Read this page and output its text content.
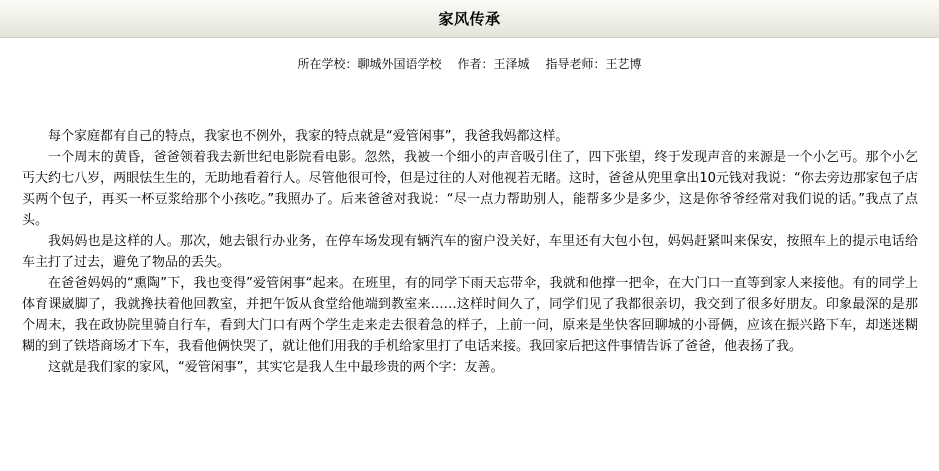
家风传承
所在学校：聊城外国语学校 作者：王泽城 指导老师：王艺博

每个家庭都有自己的特点，我家也不例外，我家的特点就是“爱管闲事”，我爸我妈都这样。

一个周末的黄昏，爸爸领着我去新世纪电影院看电影。忽然，我被一个细小的声音吸引住了，四下张望，终于发现声音的来源是一个小乞丐。那个小乞丐大约七八岁，两眼怯生生的，无助地看着行人。尽管他很可怜，但是过往的人对他视若无睹。这时，爸爸从兜里拿出10元钱对我说：“你去旁边那家包子店买两个包子，再买一杯豆浆给那个小孩吃。”我照办了。后来爸爸对我说：“尽一点力帮助别人，能帮多少是多少，这是你爷爷经常对我们说的话。”我点了点头。

我妈妈也是这样的人。那次，她去银行办业务，在停车场发现有辆汽车的窗户没关好，车里还有大包小包，妈妈赶紧叫来保安，按照车上的提示电话给车主打了过去，避免了物品的丢失。

在爸爸妈妈的“熏陶”下，我也变得”爱管闲事“起来。在班里，有的同学下雨天忘带伞，我就和他撑一把伞，在大门口一直等到家人来接他。有的同学上体育课崴脚了，我就搀扶着他回教室，并把午饭从食堂给他端到教室来……这样时间久了，同学们见了我都很亲切，我交到了很多好朋友。印象最深的是那个周末，我在政协院里骑自行车，看到大门口有两个学生走来走去很着急的样子，上前一问，原来是坐快客回聊城的小哥俩，应该在振兴路下车，却迷迷糊糊的到了铁塔商场才下车，我看他俩快哭了，就让他们用我的手机给家里打了电话来接。我回家后把这件事情告诉了爸爸，他表扬了我。

这就是我们家的家风，“爱管闲事”，其实它是我人生中最珍贵的两个字：友善。
